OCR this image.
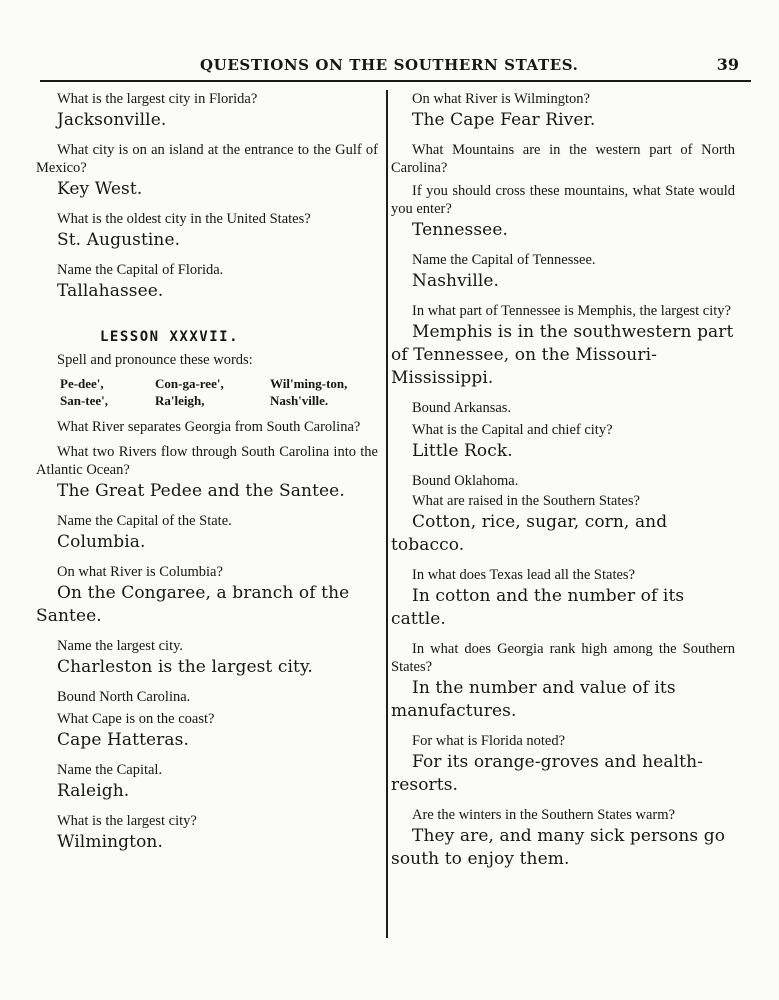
QUESTIONS ON THE SOUTHERN STATES.	39

What is the largest city in Florida?

Jacksonville.

What city is on an island at the entrance to the Gulf of Mexico?

Key West.

What is the oldest city in the United States?

St. Augustine.

Name the Capital of Florida.

Tallahassee.

LESSON XXXVII.

Spell and pronounce these words:

Pe-dee',	Con-ga-ree',	Wil'ming-ton,
San-tee',	Ra'leigh,	Nash'ville.

What River separates Georgia from South Carolina?

What two Rivers flow through South Carolina into the Atlantic Ocean?

The Great Pedee and the Santee.

Name the Capital of the State.

Columbia.

On what River is Columbia?

On the Congaree, a branch of the Santee.

Name the largest city.

Charleston is the largest city.

Bound North Carolina.

What Cape is on the coast?

Cape Hatteras.

Name the Capital.

Raleigh.

What is the largest city?

Wilmington.

On what River is Wilmington?

The Cape Fear River.

What Mountains are in the western part of North Carolina?

If you should cross these mountains, what State would you enter?

Tennessee.

Name the Capital of Tennessee.

Nashville.

In what part of Tennessee is Memphis, the largest city?

Memphis is in the southwestern part of Tennessee, on the Missouri-Mississippi.

Bound Arkansas.

What is the Capital and chief city?

Little Rock.

Bound Oklahoma.

What are raised in the Southern States?

Cotton, rice, sugar, corn, and tobacco.

In what does Texas lead all the States?

In cotton and the number of its cattle.

In what does Georgia rank high among the Southern States?

In the number and value of its manufactures.

For what is Florida noted?

For its orange-groves and health-resorts.

Are the winters in the Southern States warm?

They are, and many sick persons go south to enjoy them.
